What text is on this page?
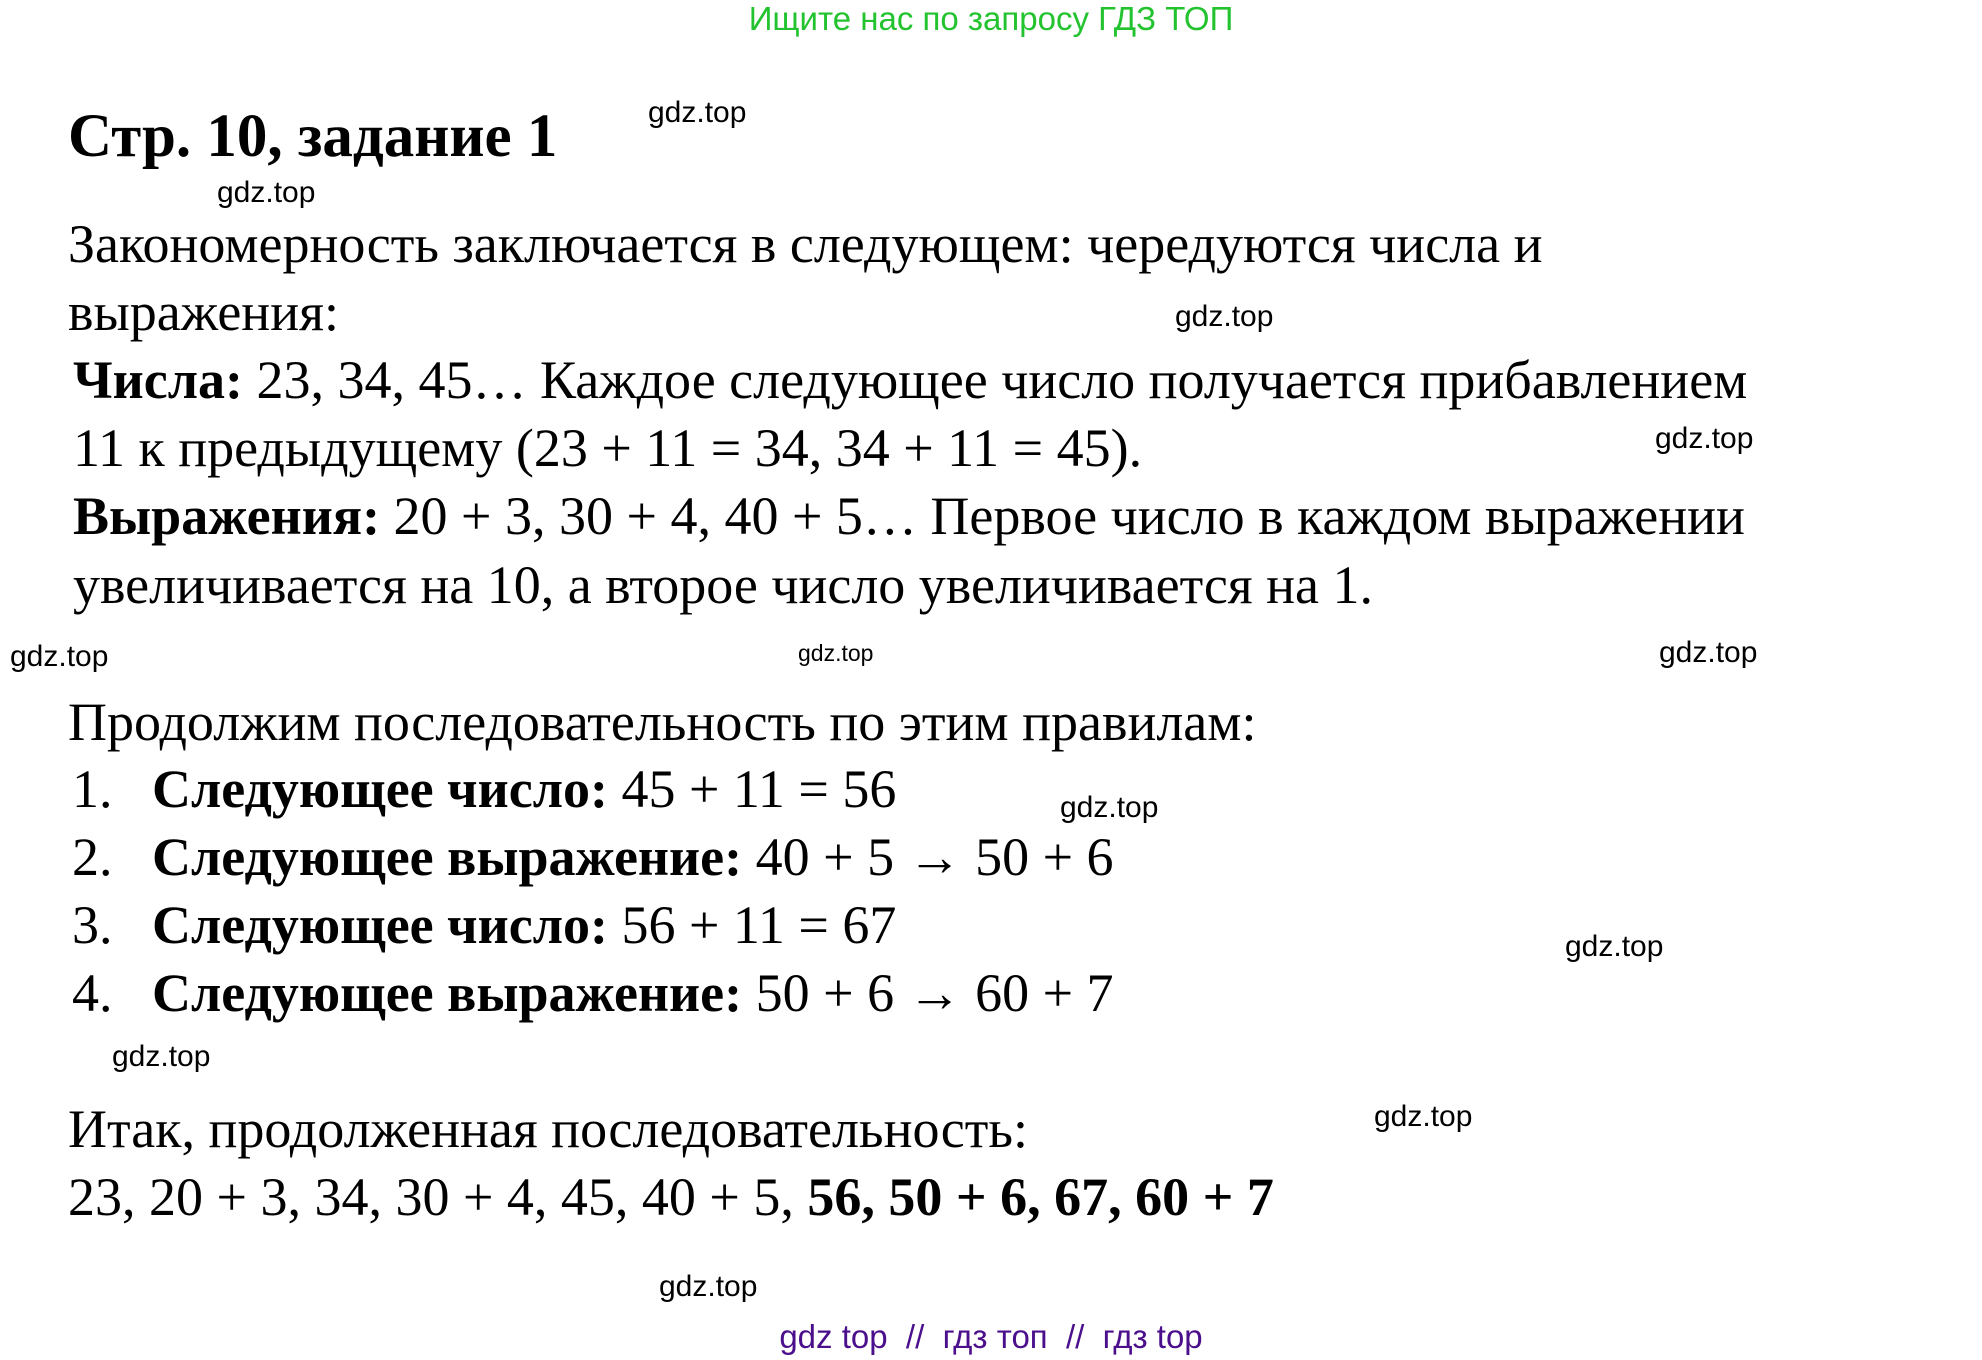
Ищите нас по запросу ГДЗ ТОП
Стр. 10, задание 1
Закономерность заключается в следующем: чередуются числа и
выражения:
Числа: 23, 34, 45… Каждое следующее число получается прибавлением
11 к предыдущему (23 + 11 = 34, 34 + 11 = 45).
Выражения: 20 + 3, 30 + 4, 40 + 5… Первое число в каждом выражении
увеличивается на 10, а второе число увеличивается на 1.
Продолжим последовательность по этим правилам:
1. Следующее число: 45 + 11 = 56
2. Следующее выражение: 40 + 5 → 50 + 6
3. Следующее число: 56 + 11 = 67
4. Следующее выражение: 50 + 6 → 60 + 7
Итак, продолженная последовательность:
23, 20 + 3, 34, 30 + 4, 45, 40 + 5, 56, 50 + 6, 67, 60 + 7
gdz.top
gdz.top
gdz.top
gdz.top
gdz.top	gdz.top
gdz.top
gdz.top
gdz.top
gdz.top
gdz.top
gdz.top
gdz top  //  гдз топ  //  гдз top
